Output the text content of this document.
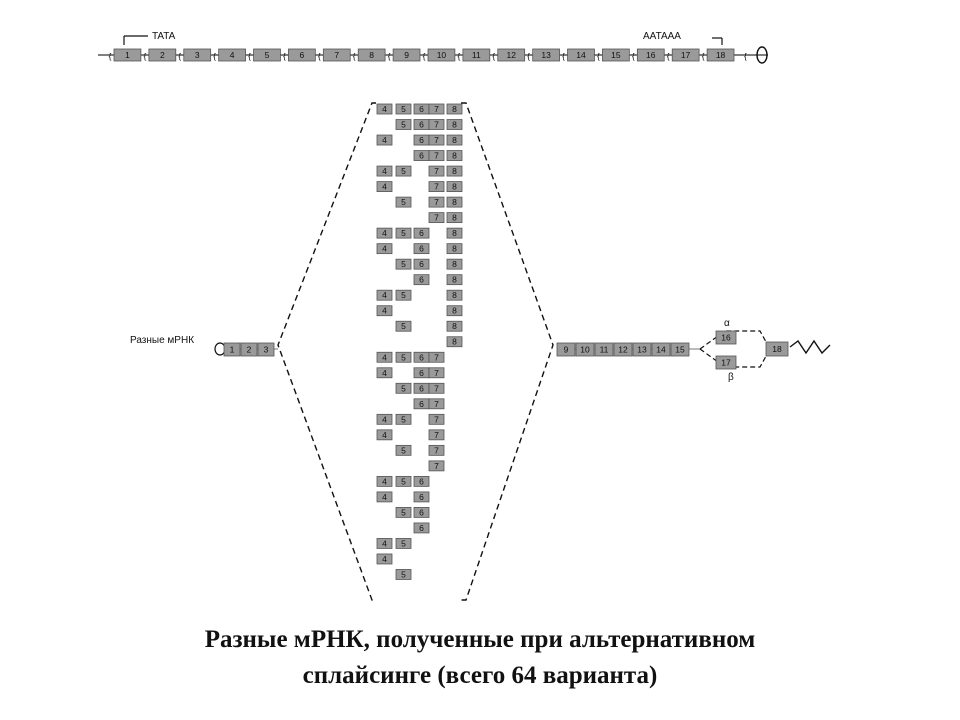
TATA	AATAAA
{ 1 { 2 { 3 { 4 { 5 { 6 { 7 { 8 { 9 { 10 { 11 { 12 { 13 { 14 { 15 { 16 { 17 { 18 {
4 5 6 7 8
5 6 7 8
4	6 7 8
6 7 8
4 5	7 8
4	7 8
5	7 8
7 8
4 5 6	8
4	6	8
5 6	8
6	8
4 5	8
4	8
5	8
8
4 5 6 7
4	6 7
5 6 7
6 7
4 5	7
4	7
5	7
7
4 5 6
4	6
5 6
6
4 5
4
5
Разные мРНК
α
β
1 2 3	9 10 11 12 13 14 15
16
17
18
Разные мРНК, полученные при альтернативном
сплайсинге (всего 64 варианта)
